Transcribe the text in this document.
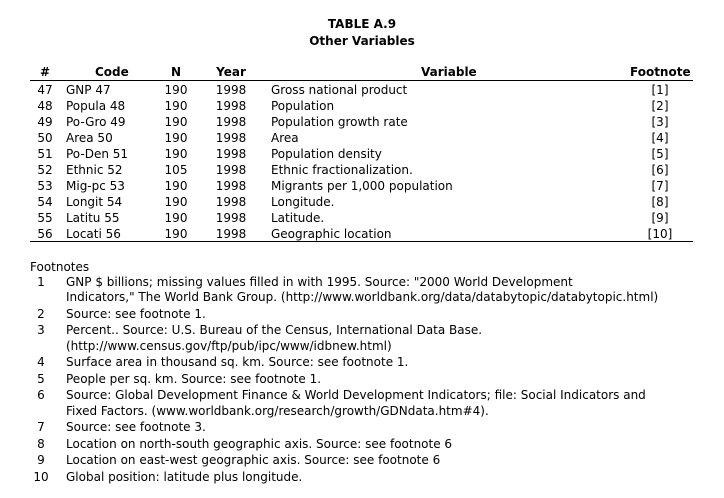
TABLE A.9
Other Variables
#	Code	N	Year	Variable	Footnote
47	GNP 47	190	1998	Gross national product	[1]
48	Popula 48	190	1998	Population	[2]
49	Po-Gro 49	190	1998	Population growth rate	[3]
50	Area 50	190	1998	Area	[4]
51	Po-Den 51	190	1998	Population density	[5]
52	Ethnic 52	105	1998	Ethnic fractionalization.	[6]
53	Mig-pc 53	190	1998	Migrants per 1,000 population	[7]
54	Longit 54	190	1998	Longitude.	[8]
55	Latitu 55	190	1998	Latitude.	[9]
56	Locati 56	190	1998	Geographic location	[10]
Footnotes
1	GNP $ billions; missing values filled in with 1995. Source: "2000 World Development
Indicators," The World Bank Group. (http://www.worldbank.org/data/databytopic/databytopic.html)
2	Source: see footnote 1.
3	Percent.. Source: U.S. Bureau of the Census, International Data Base.
(http://www.census.gov/ftp/pub/ipc/www/idbnew.html)
4	Surface area in thousand sq. km. Source: see footnote 1.
5	People per sq. km. Source: see footnote 1.
6	Source: Global Development Finance & World Development Indicators; file: Social Indicators and
Fixed Factors. (www.worldbank.org/research/growth/GDNdata.htm#4).
7	Source: see footnote 3.
8	Location on north-south geographic axis. Source: see footnote 6
9	Location on east-west geographic axis. Source: see footnote 6
10 Global position: latitude plus longitude.
